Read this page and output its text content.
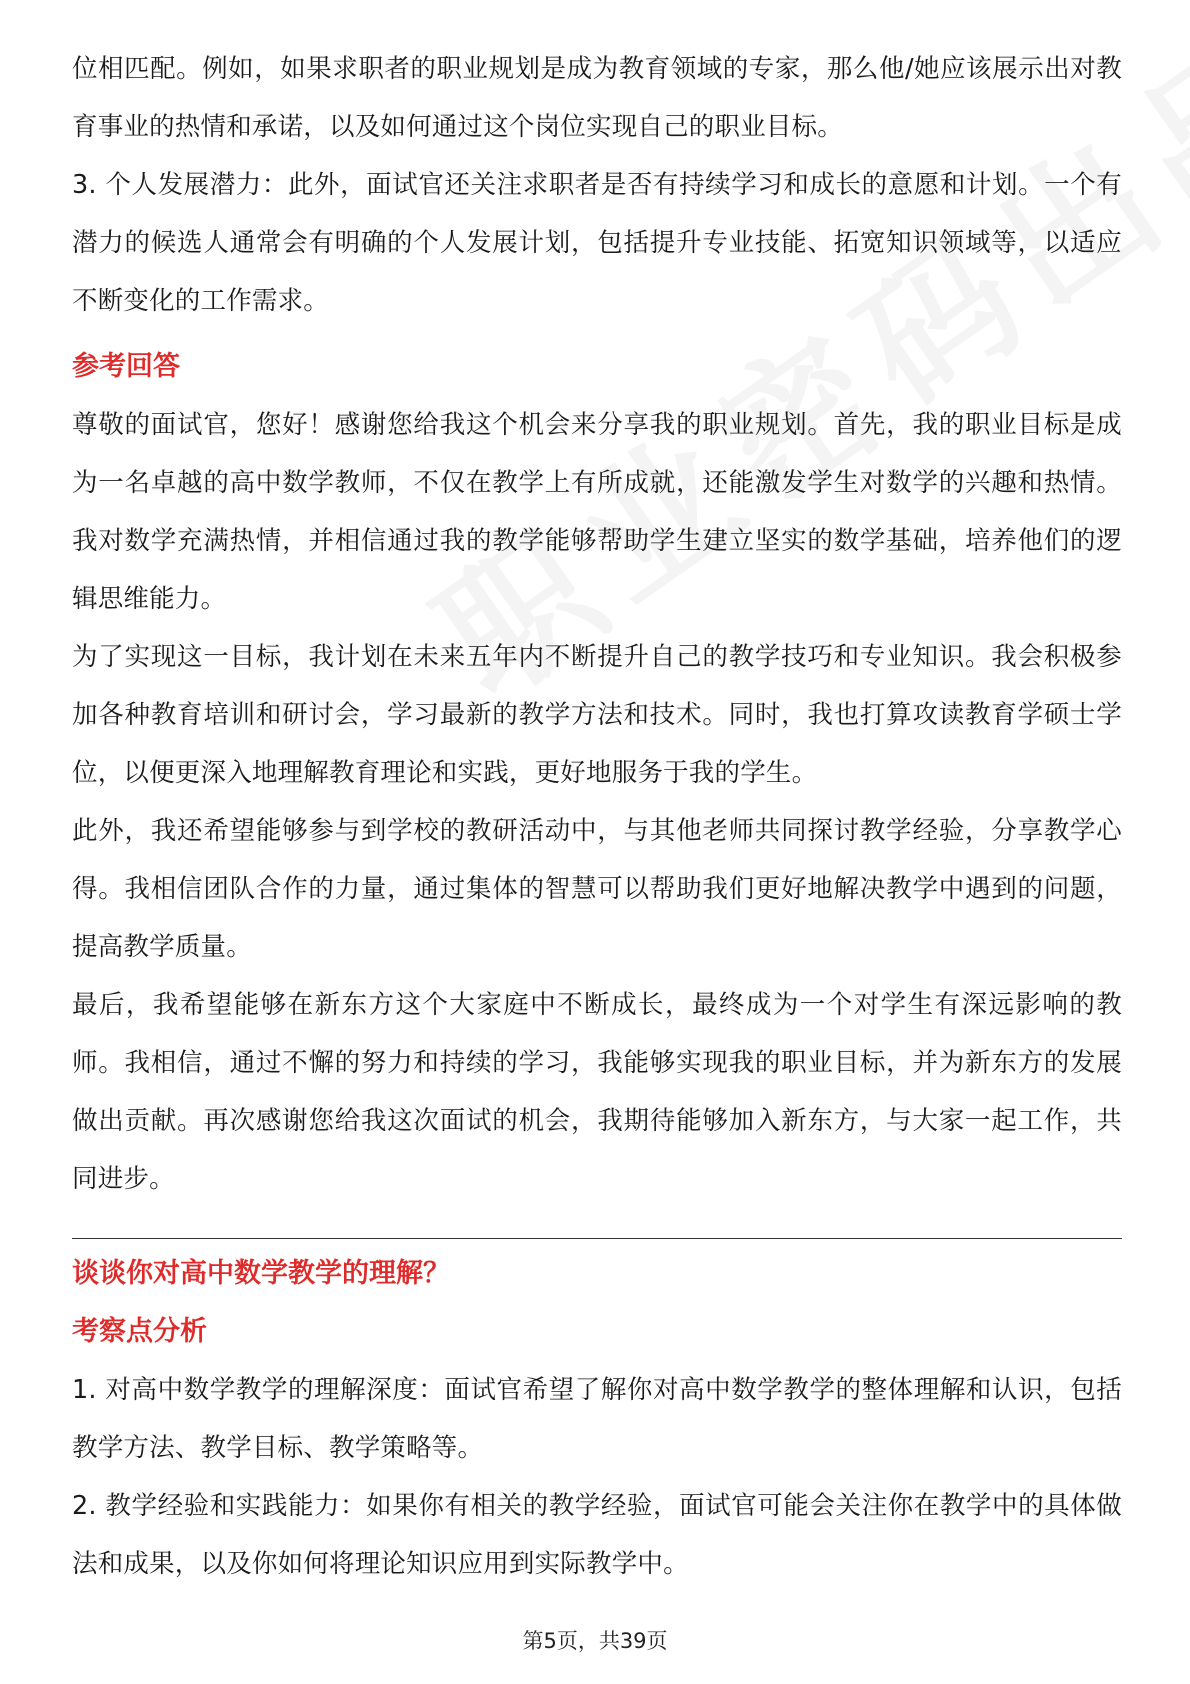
位相匹配。例如，如果求职者的职业规划是成为教育领域的专家，那么他/她应该展示出对教育事业的热情和承诺，以及如何通过这个岗位实现自己的职业目标。

3. 个人发展潜力：此外，面试官还关注求职者是否有持续学习和成长的意愿和计划。一个有潜力的候选人通常会有明确的个人发展计划，包括提升专业技能、拓宽知识领域等，以适应不断变化的工作需求。

参考回答

尊敬的面试官，您好！感谢您给我这个机会来分享我的职业规划。首先，我的职业目标是成为一名卓越的高中数学教师，不仅在教学上有所成就，还能激发学生对数学的兴趣和热情。我对数学充满热情，并相信通过我的教学能够帮助学生建立坚实的数学基础，培养他们的逻辑思维能力。

为了实现这一目标，我计划在未来五年内不断提升自己的教学技巧和专业知识。我会积极参加各种教育培训和研讨会，学习最新的教学方法和技术。同时，我也打算攻读教育学硕士学位，以便更深入地理解教育理论和实践，更好地服务于我的学生。

此外，我还希望能够参与到学校的教研活动中，与其他老师共同探讨教学经验，分享教学心得。我相信团队合作的力量，通过集体的智慧可以帮助我们更好地解决教学中遇到的问题，提高教学质量。

最后，我希望能够在新东方这个大家庭中不断成长，最终成为一个对学生有深远影响的教师。我相信，通过不懈的努力和持续的学习，我能够实现我的职业目标，并为新东方的发展做出贡献。再次感谢您给我这次面试的机会，我期待能够加入新东方，与大家一起工作，共同进步。

谈谈你对高中数学教学的理解？
考察点分析

1. 对高中数学教学的理解深度：面试官希望了解你对高中数学教学的整体理解和认识，包括教学方法、教学目标、教学策略等。

2. 教学经验和实践能力：如果你有相关的教学经验，面试官可能会关注你在教学中的具体做法和成果，以及你如何将理论知识应用到实际教学中。

第5页，共39页
